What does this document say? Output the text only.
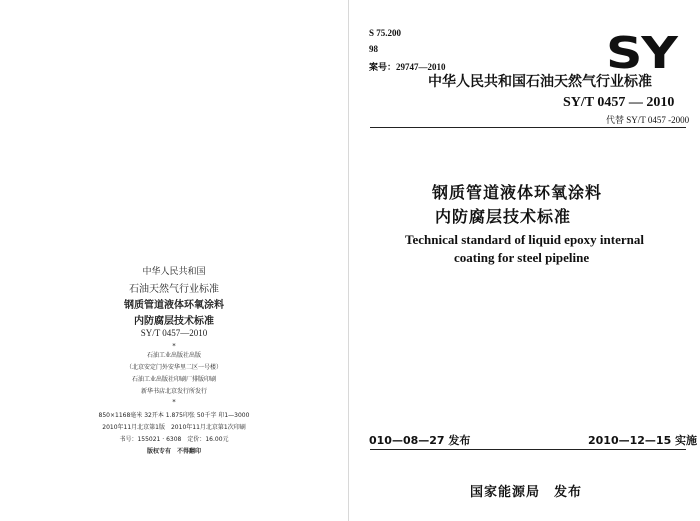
S 75.200
98
案号：29747—2010
中华人民共和国石油天然气行业标准
SY
SY/T 0457 — 2010
代替 SY/T 0457 -2000
钢质管道液体环氧涂料
内防腐层技术标准
Technical standard of liquid epoxy internal
coating for steel pipeline
010—08—27 发布	2010—12—15 实施
国家能源局　发布
中华人民共和国
石油天然气行业标准
钢质管道液体环氧涂料
内防腐层技术标准
SY/T 0457—2010
*
石油工业出版社出版
（北京安定门外安华里二区一号楼）
石油工业出版社印刷厂排版印刷
新华书店北京发行所发行
*
850×1168毫米 32开本 1.875印张 50千字 印1—3000
2010年11月北京第1版　2010年11月北京第1次印刷
书号：155021 · 6308　定价：16.00元
版权专有　不得翻印
